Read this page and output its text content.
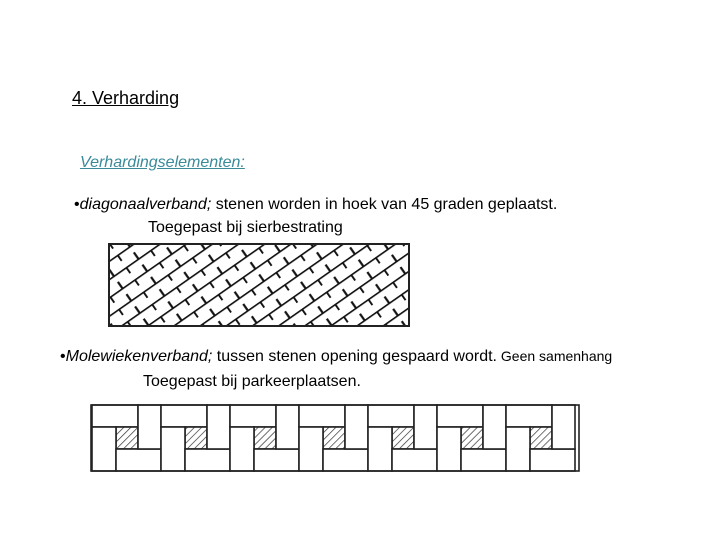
4. Verharding
Verhardingselementen:
•diagonaalverband; stenen worden in hoek van 45 graden geplaatst.
Toegepast bij sierbestrating
•Molewiekenverband; tussen stenen opening gespaard wordt. Geen samenhang
Toegepast bij parkeerplaatsen.
